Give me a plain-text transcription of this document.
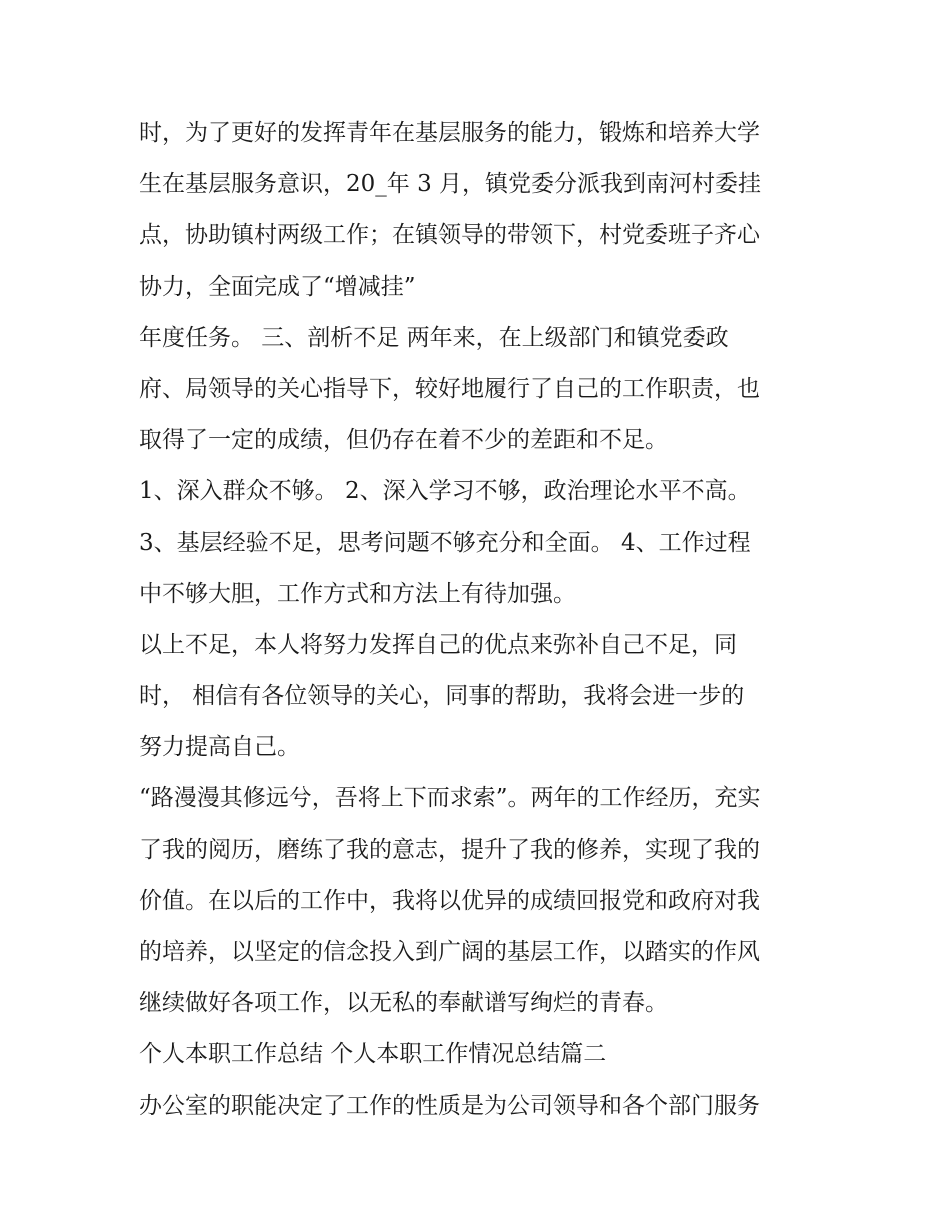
时，为了更好的发挥青年在基层服务的能力，锻炼和培养大学
生在基层服务意识，20_年 3 月，镇党委分派我到南河村委挂
点，协助镇村两级工作；在镇领导的带领下，村党委班子齐心
协力，全面完成了“增减挂”
年度任务。 三、剖析不足 两年来，在上级部门和镇党委政
府、局领导的关心指导下，较好地履行了自己的工作职责，也
取得了一定的成绩，但仍存在着不少的差距和不足。
1、深入群众不够。 2、深入学习不够，政治理论水平不高。
3、基层经验不足，思考问题不够充分和全面。 4、工作过程
中不够大胆，工作方式和方法上有待加强。
以上不足，本人将努力发挥自己的优点来弥补自己不足，同
时， 相信有各位领导的关心，同事的帮助，我将会进一步的
努力提高自己。
“路漫漫其修远兮，吾将上下而求索”。两年的工作经历，充实
了我的阅历，磨练了我的意志，提升了我的修养，实现了我的
价值。在以后的工作中，我将以优异的成绩回报党和政府对我
的培养，以坚定的信念投入到广阔的基层工作，以踏实的作风
继续做好各项工作，以无私的奉献谱写绚烂的青春。
个人本职工作总结 个人本职工作情况总结篇二
办公室的职能决定了工作的性质是为公司领导和各个部门服务
